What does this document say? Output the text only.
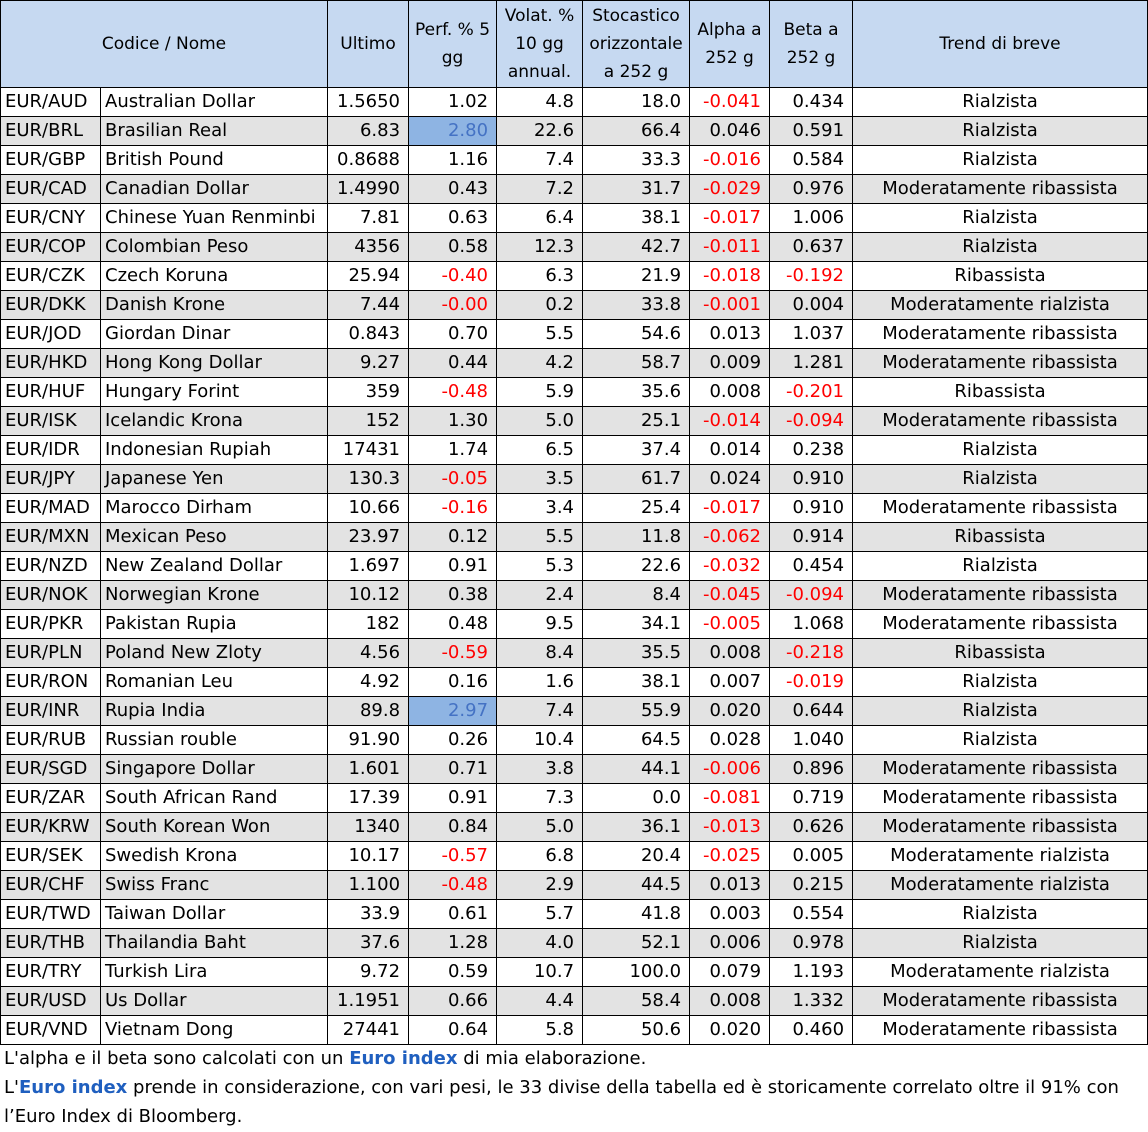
Codice / Nome		Ultimo	Perf. % 5 gg	Volat. % 10 gg annual.	Stocastico orizzontale a 252 g	Alpha a 252 g	Beta a 252 g	Trend di breve
EUR/AUD	Australian Dollar	1.5650	1.02	4.8	18.0	-0.041	0.434	Rialzista
EUR/BRL	Brasilian Real	6.83	2.80	22.6	66.4	0.046	0.591	Rialzista
EUR/GBP	British Pound	0.8688	1.16	7.4	33.3	-0.016	0.584	Rialzista
EUR/CAD	Canadian Dollar	1.4990	0.43	7.2	31.7	-0.029	0.976	Moderatamente ribassista
EUR/CNY	Chinese Yuan Renminbi	7.81	0.63	6.4	38.1	-0.017	1.006	Rialzista
EUR/COP	Colombian Peso	4356	0.58	12.3	42.7	-0.011	0.637	Rialzista
EUR/CZK	Czech Koruna	25.94	-0.40	6.3	21.9	-0.018	-0.192	Ribassista
EUR/DKK	Danish Krone	7.44	-0.00	0.2	33.8	-0.001	0.004	Moderatamente rialzista
EUR/JOD	Giordan Dinar	0.843	0.70	5.5	54.6	0.013	1.037	Moderatamente ribassista
EUR/HKD	Hong Kong Dollar	9.27	0.44	4.2	58.7	0.009	1.281	Moderatamente ribassista
EUR/HUF	Hungary Forint	359	-0.48	5.9	35.6	0.008	-0.201	Ribassista
EUR/ISK	Icelandic Krona	152	1.30	5.0	25.1	-0.014	-0.094	Moderatamente ribassista
EUR/IDR	Indonesian Rupiah	17431	1.74	6.5	37.4	0.014	0.238	Rialzista
EUR/JPY	Japanese Yen	130.3	-0.05	3.5	61.7	0.024	0.910	Rialzista
EUR/MAD	Marocco Dirham	10.66	-0.16	3.4	25.4	-0.017	0.910	Moderatamente ribassista
EUR/MXN	Mexican Peso	23.97	0.12	5.5	11.8	-0.062	0.914	Ribassista
EUR/NZD	New Zealand Dollar	1.697	0.91	5.3	22.6	-0.032	0.454	Rialzista
EUR/NOK	Norwegian Krone	10.12	0.38	2.4	8.4	-0.045	-0.094	Moderatamente ribassista
EUR/PKR	Pakistan Rupia	182	0.48	9.5	34.1	-0.005	1.068	Moderatamente ribassista
EUR/PLN	Poland New Zloty	4.56	-0.59	8.4	35.5	0.008	-0.218	Ribassista
EUR/RON	Romanian Leu	4.92	0.16	1.6	38.1	0.007	-0.019	Rialzista
EUR/INR	Rupia India	89.8	2.97	7.4	55.9	0.020	0.644	Rialzista
EUR/RUB	Russian rouble	91.90	0.26	10.4	64.5	0.028	1.040	Rialzista
EUR/SGD	Singapore Dollar	1.601	0.71	3.8	44.1	-0.006	0.896	Moderatamente ribassista
EUR/ZAR	South African Rand	17.39	0.91	7.3	0.0	-0.081	0.719	Moderatamente ribassista
EUR/KRW	South Korean Won	1340	0.84	5.0	36.1	-0.013	0.626	Moderatamente ribassista
EUR/SEK	Swedish Krona	10.17	-0.57	6.8	20.4	-0.025	0.005	Moderatamente rialzista
EUR/CHF	Swiss Franc	1.100	-0.48	2.9	44.5	0.013	0.215	Moderatamente rialzista
EUR/TWD	Taiwan Dollar	33.9	0.61	5.7	41.8	0.003	0.554	Rialzista
EUR/THB	Thailandia Baht	37.6	1.28	4.0	52.1	0.006	0.978	Rialzista
EUR/TRY	Turkish Lira	9.72	0.59	10.7	100.0	0.079	1.193	Moderatamente rialzista
EUR/USD	Us Dollar	1.1951	0.66	4.4	58.4	0.008	1.332	Moderatamente ribassista
EUR/VND	Vietnam Dong	27441	0.64	5.8	50.6	0.020	0.460	Moderatamente ribassista

L'alpha e il beta sono calcolati con un Euro index di mia elaborazione.

L'Euro index prende in considerazione, con vari pesi, le 33 divise della tabella ed è storicamente correlato oltre il 91% con l’Euro Index di Bloomberg.
